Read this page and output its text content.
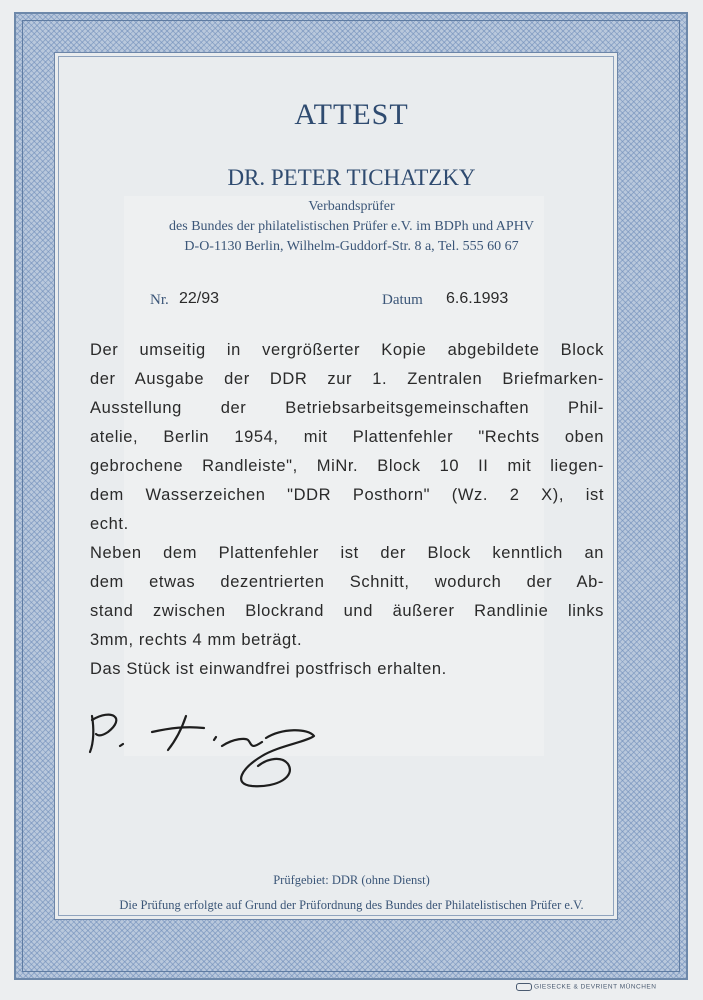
ATTEST
DR. PETER TICHATZKY
Verbandsprüfer
des Bundes der philatelistischen Prüfer e.V. im BDPh und APHV
D-O-1130 Berlin, Wilhelm-Guddorf-Str. 8 a, Tel. 555 60 67
Nr. 22/93	Datum 6.6.1993
Der umseitig in vergrößerter Kopie abgebildete Block
der Ausgabe der DDR zur 1. Zentralen Briefmarken-
Ausstellung der Betriebsarbeitsgemeinschaften Phil-
atelie, Berlin 1954, mit Plattenfehler "Rechts oben
gebrochene Randleiste", MiNr. Block 10 II mit liegen-
dem Wasserzeichen "DDR Posthorn" (Wz. 2 X), ist
echt.
Neben dem Plattenfehler ist der Block kenntlich an
dem etwas dezentrierten Schnitt, wodurch der Ab-
stand zwischen Blockrand und äußerer Randlinie links
3mm, rechts 4 mm beträgt.
Das Stück ist einwandfrei postfrisch erhalten.
Prüfgebiet: DDR (ohne Dienst)
Die Prüfung erfolgte auf Grund der Prüfordnung des Bundes der Philatelistischen Prüfer e.V.
GIESECKE & DEVRIENT MÜNCHEN
